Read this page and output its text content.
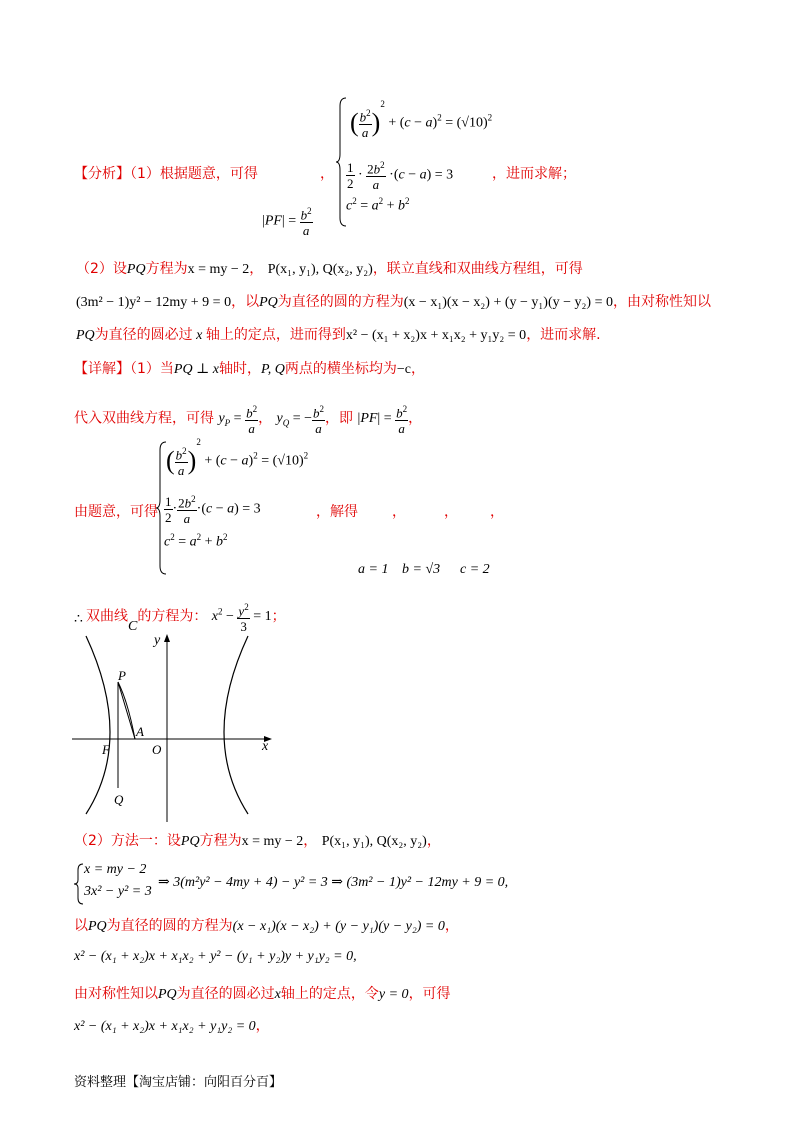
( $\frac{b^2}{a} )^2 + (c - a)^2 = (√10)^2$
$\frac{1}{2} \cdot \frac{2b^2}{a} \cdot(c - a) = 3$
$c^2 = a^2 + b^2$
【分析】（1）根据题意，可得	，	，进而求解；
$|PF| = \frac{b^2}{a}$
（2）设PQ方程为x = my − 2， P(x₁, y₁), Q(x₂, y₂)，联立直线和双曲线方程组，可得
(3m² − 1)y² − 12my + 9 = 0，以PQ为直径的圆的方程为(x − x₁)(x − x₂) + (y − y₁)(y − y₂) = 0，由对称性知以
PQ为直径的圆必过 x 轴上的定点，进而得到x² − (x₁ + x₂)x + x₁x₂ + y₁y₂ = 0，进而求解.
【详解】（1）当PQ ⊥ x轴时，P, Q两点的横坐标均为−c，
代入双曲线方程，可得 $y_P = \frac{b^2}{a}$ ， $y_Q$ = − $\frac{b^2}{a}$ ，即 $|PF| = \frac{b^2}{a}$ ，
( $\frac{b^2}{a} )^2 + (c - a)^2 = (√10)^2$
$\frac{1}{2} \cdot \frac{2b^2}{a} \cdot(c - a) = 3$
$c^2 = a^2 + b^2$
由题意，可得	，解得 ，	， ，
a = 1 b = √3 c = 2
∴ 双曲线C的方程为： $x^2 - \frac{y^2}{3} = 1$；
y
x
P
A
F	O
Q
（2）方法一：设PQ方程为x = my − 2， P(x₁, y₁), Q(x₂, y₂)，
x = my − 2
3x² − y² = 3
⇒ 3(m²y² − 4my + 4) − y² = 3 ⇒ (3m² − 1)y² − 12my + 9 = 0,
以PQ为直径的圆的方程为(x − x₁)(x − x₂) + (y − y₁)(y − y₂) = 0，
x² − (x₁ + x₂)x + x₁x₂ + y² − (y₁ + y₂)y + y₁y₂ = 0,
由对称性知以PQ为直径的圆必过x轴上的定点，令y = 0，可得
x² − (x₁ + x₂)x + x₁x₂ + y₁y₂ = 0，
资料整理【淘宝店铺：向阳百分百】
